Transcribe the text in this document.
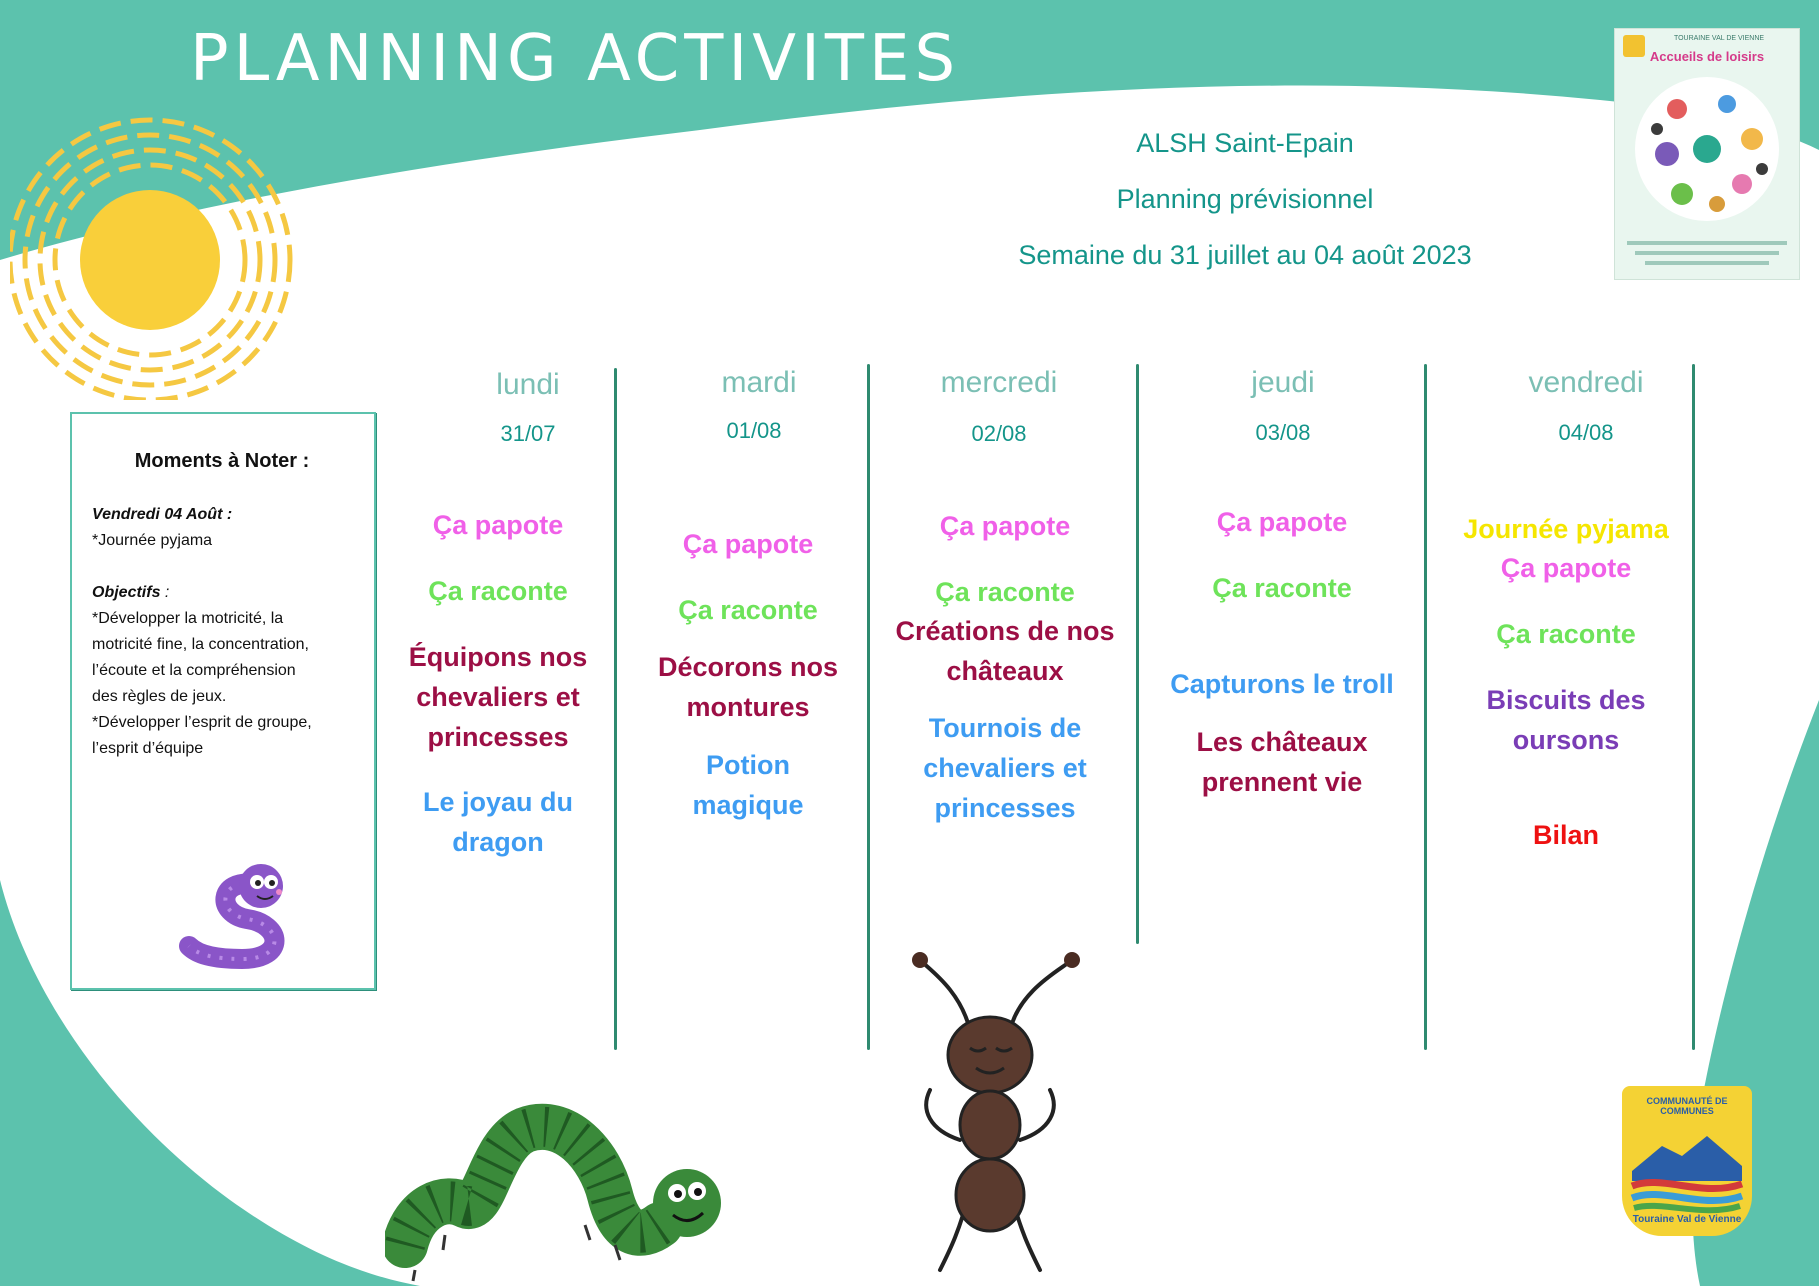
PLANNING ACTIVITES
ALSH Saint-Epain
Planning prévisionnel
Semaine du 31 juillet au 04 août 2023
TOURAINE VAL DE VIENNE
Accueils de loisirs
Moments à Noter :
Vendredi 04 Août :
*Journée pyjama
Objectifs :
*Développer la motricité, la
motricité fine, la concentration,
l’écoute et la compréhension
des règles de jeux.
*Développer l’esprit de groupe,
l’esprit d’équipe
lundi
31/07
mardi
01/08
mercredi
02/08
jeudi
03/08
vendredi
04/08
Ça papote
Ça raconte
Équipons nos chevaliers et princesses
Le joyau du dragon
Ça papote
Ça raconte
Décorons nos montures
Potion magique
Ça papote
Ça raconte
Créations de nos châteaux
Tournois de chevaliers et princesses
Ça papote
Ça raconte
Capturons le troll
Les châteaux prennent vie
Journée pyjama
Ça papote
Ça raconte
Biscuits des oursons
Bilan
COMMUNAUTÉ DE COMMUNES
Touraine Val de Vienne
